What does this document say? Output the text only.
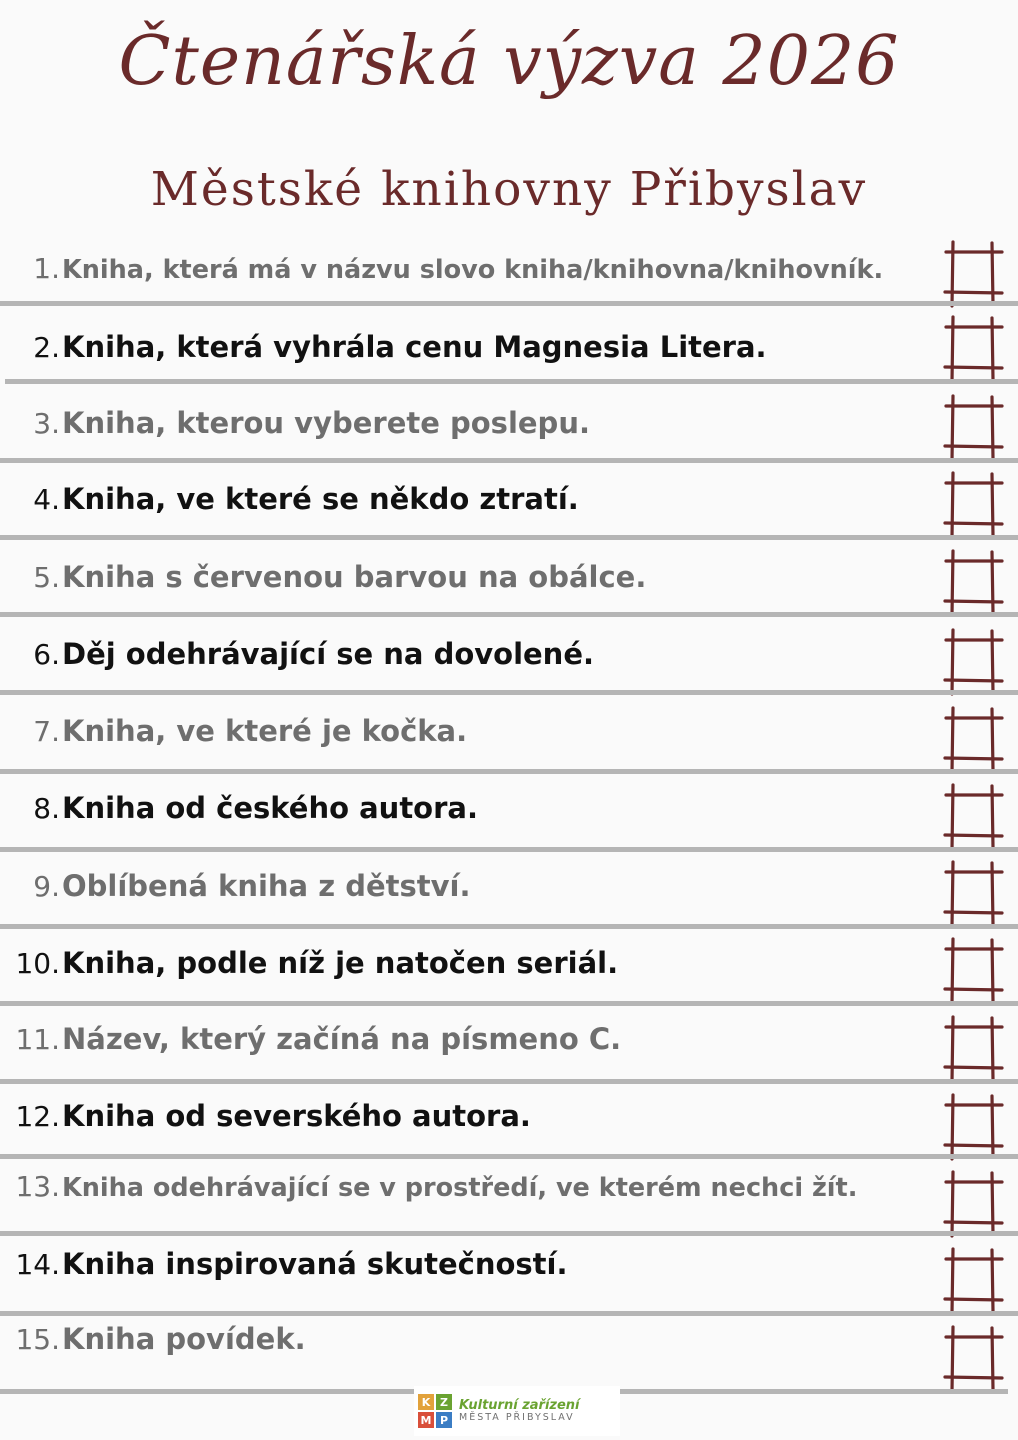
Čtenářská výzva 2026
Městské knihovny Přibyslav
1. Kniha, která má v názvu slovo kniha/knihovna/knihovník.
2. Kniha, která vyhrála cenu Magnesia Litera.
3. Kniha, kterou vyberete poslepu.
4. Kniha, ve které se někdo ztratí.
5. Kniha s červenou barvou na obálce.
6. Děj odehrávající se na dovolené.
7. Kniha, ve které je kočka.
8. Kniha od českého autora.
9. Oblíbená kniha z dětství.
10. Kniha, podle níž je natočen seriál.
11. Název, který začíná na písmeno C.
12. Kniha od severského autora.
13. Kniha odehrávající se v prostředí, ve kterém nechci žít.
14. Kniha inspirovaná skutečností.
15. Kniha povídek.
K Z
M P
Kulturní zařízení
MĚSTA PŘIBYSLAV
